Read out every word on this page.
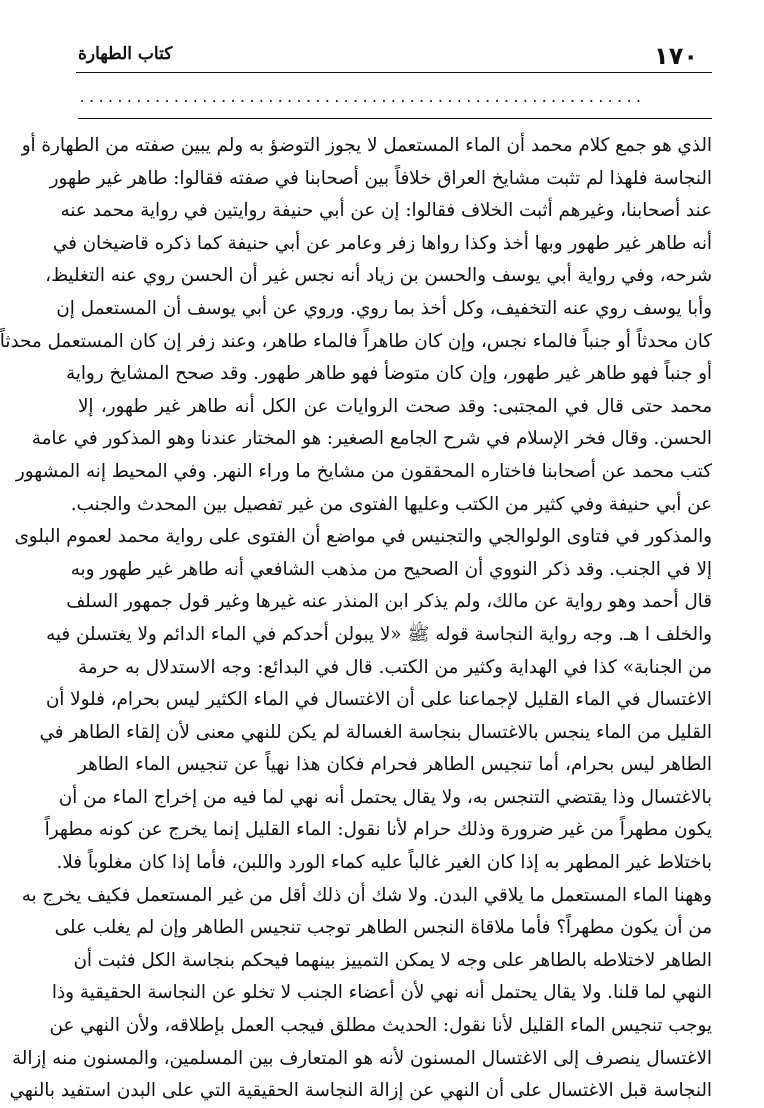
١٧٠
كتاب الطهارة
............................................................
الذي هو جمع كلام محمد أن الماء المستعمل لا يجوز التوضؤ به ولم يبين صفته من الطهارة أو
النجاسة فلهذا لم تثبت مشايخ العراق خلافاً بين أصحابنا في صفته فقالوا: طاهر غير طهور
عند أصحابنا، وغيرهم أثبت الخلاف فقالوا: إن عن أبي حنيفة روايتين في رواية محمد عنه
أنه طاهر غير طهور وبها أخذ وكذا رواها زفر وعامر عن أبي حنيفة كما ذكره قاضيخان في
شرحه، وفي رواية أبي يوسف والحسن بن زياد أنه نجس غير أن الحسن روي عنه التغليظ،
وأبا يوسف روي عنه التخفيف، وكل أخذ بما روي. وروي عن أبي يوسف أن المستعمل إن
كان محدثاً أو جنباً فالماء نجس، وإن كان طاهراً فالماء طاهر، وعند زفر إن كان المستعمل محدثاً
أو جنباً فهو طاهر غير طهور، وإن كان متوضأ فهو طاهر طهور. وقد صحح المشايخ رواية
محمد حتى قال في المجتبى: وقد صحت الروايات عن الكل أنه طاهر غير طهور، إلا
الحسن. وقال فخر الإسلام في شرح الجامع الصغير: هو المختار عندنا وهو المذكور في عامة
كتب محمد عن أصحابنا فاختاره المحققون من مشايخ ما وراء النهر. وفي المحيط إنه المشهور
عن أبي حنيفة وفي كثير من الكتب وعليها الفتوى من غير تفصيل بين المحدث والجنب.
والمذكور في فتاوى الولوالجي والتجنيس في مواضع أن الفتوى على رواية محمد لعموم البلوى
إلا في الجنب. وقد ذكر النووي أن الصحيح من مذهب الشافعي أنه طاهر غير طهور وبه
قال أحمد وهو رواية عن مالك، ولم يذكر ابن المنذر عنه غيرها وغير قول جمهور السلف
والخلف ا هـ. وجه رواية النجاسة قوله ﷺ «لا يبولن أحدكم في الماء الدائم ولا يغتسلن فيه
من الجنابة» كذا في الهداية وكثير من الكتب. قال في البدائع: وجه الاستدلال به حرمة
الاغتسال في الماء القليل لإجماعنا على أن الاغتسال في الماء الكثير ليس بحرام، فلولا أن
القليل من الماء ينجس بالاغتسال بنجاسة الغسالة لم يكن للنهي معنى لأن إلقاء الطاهر في
الطاهر ليس بحرام، أما تنجيس الطاهر فحرام فكان هذا نهياً عن تنجيس الماء الطاهر
بالاغتسال وذا يقتضي التنجس به، ولا يقال يحتمل أنه نهي لما فيه من إخراج الماء من أن
يكون مطهراً من غير ضرورة وذلك حرام لأنا نقول: الماء القليل إنما يخرج عن كونه مطهراً
باختلاط غير المطهر به إذا كان الغير غالباً عليه كماء الورد واللبن، فأما إذا كان مغلوباً فلا.
وههنا الماء المستعمل ما يلاقي البدن. ولا شك أن ذلك أقل من غير المستعمل فكيف يخرج به
من أن يكون مطهراً؟ فأما ملاقاة النجس الطاهر توجب تنجيس الطاهر وإن لم يغلب على
الطاهر لاختلاطه بالطاهر على وجه لا يمكن التمييز بينهما فيحكم بنجاسة الكل فثبت أن
النهي لما قلنا. ولا يقال يحتمل أنه نهي لأن أعضاء الجنب لا تخلو عن النجاسة الحقيقية وذا
يوجب تنجيس الماء القليل لأنا نقول: الحديث مطلق فيجب العمل بإطلاقه، ولأن النهي عن
الاغتسال ينصرف إلى الاغتسال المسنون لأنه هو المتعارف بين المسلمين، والمسنون منه إزالة
النجاسة قبل الاغتسال على أن النهي عن إزالة النجاسة الحقيقية التي على البدن استفيد بالنهي
